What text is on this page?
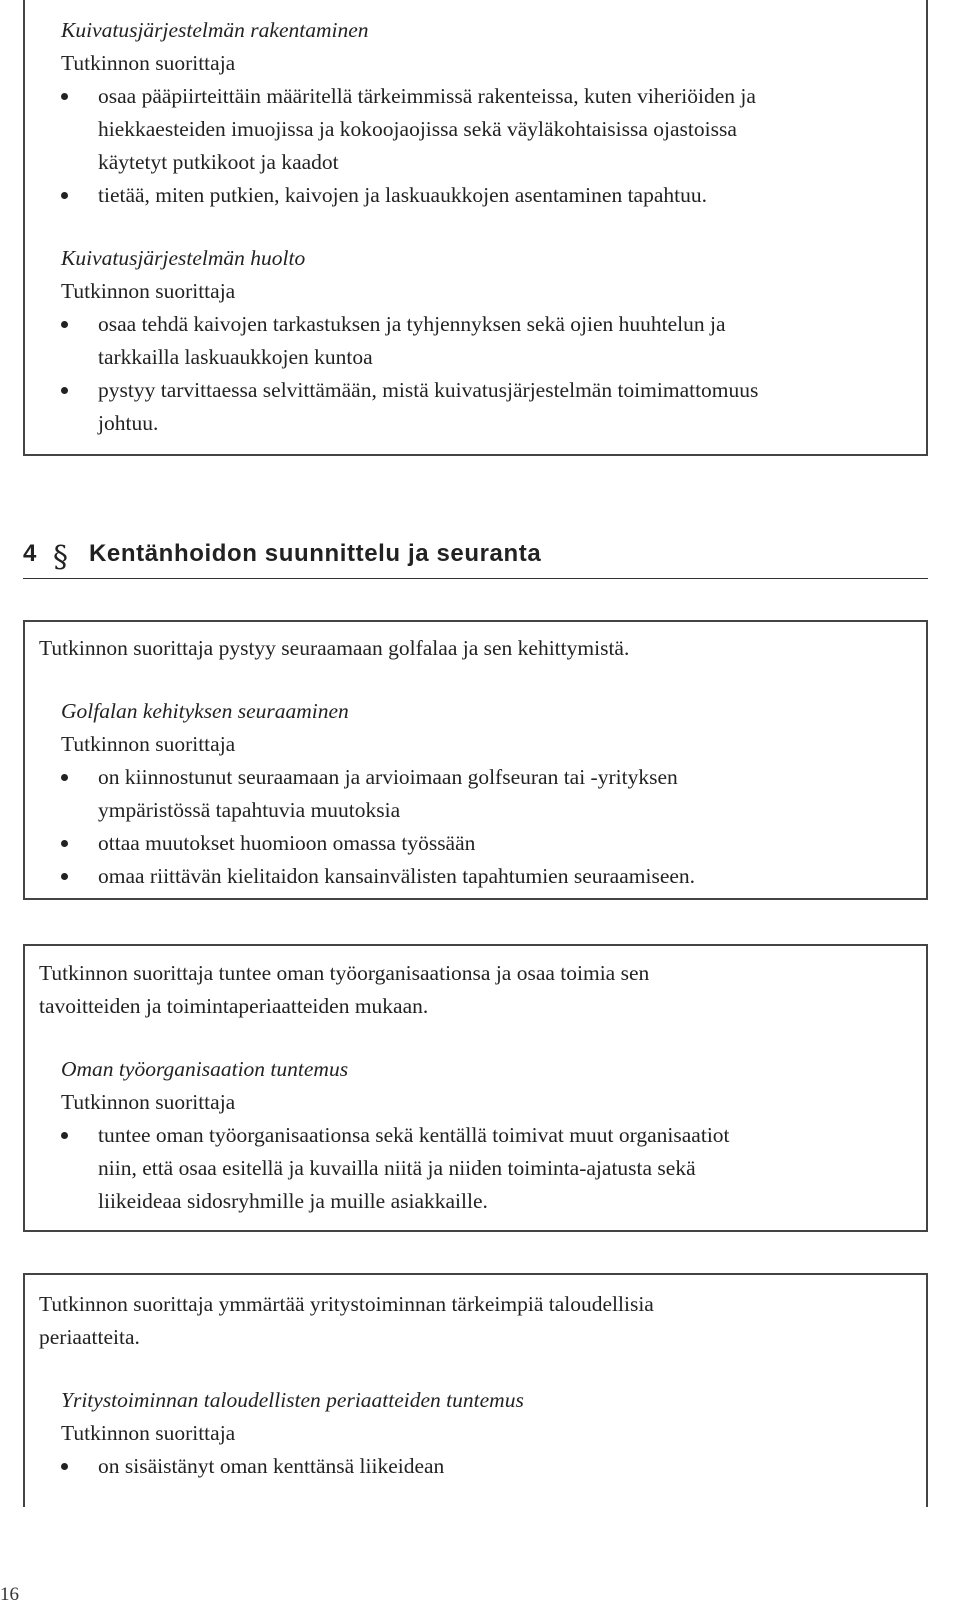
Kuivatusjärjestelmän rakentaminen
Tutkinnon suorittaja
osaa pääpiirteittäin määritellä tärkeimmissä rakenteissa, kuten viheriöiden ja
hiekkaesteiden imuojissa ja kokoojaojissa sekä väyläkohtaisissa ojastoissa
käytetyt putkikoot ja kaadot
tietää, miten putkien, kaivojen ja laskuaukkojen asentaminen tapahtuu.
Kuivatusjärjestelmän huolto
Tutkinnon suorittaja
osaa tehdä kaivojen tarkastuksen ja tyhjennyksen sekä ojien huuhtelun ja
tarkkailla laskuaukkojen kuntoa
pystyy tarvittaessa selvittämään, mistä kuivatusjärjestelmän toimimattomuus
johtuu.
4 § Kentänhoidon suunnittelu ja seuranta
Tutkinnon suorittaja pystyy seuraamaan golfalaa ja sen kehittymistä.
Golfalan kehityksen seuraaminen
Tutkinnon suorittaja
on kiinnostunut seuraamaan ja arvioimaan golfseuran tai -yrityksen
ympäristössä tapahtuvia muutoksia
ottaa muutokset huomioon omassa työssään
omaa riittävän kielitaidon kansainvälisten tapahtumien seuraamiseen.
Tutkinnon suorittaja tuntee oman työorganisaationsa ja osaa toimia sen
tavoitteiden ja toimintaperiaatteiden mukaan.
Oman työorganisaation tuntemus
Tutkinnon suorittaja
tuntee oman työorganisaationsa sekä kentällä toimivat muut organisaatiot
niin, että osaa esitellä ja kuvailla niitä ja niiden toiminta-ajatusta sekä
liikeideaa sidosryhmille ja muille asiakkaille.
Tutkinnon suorittaja ymmärtää yritystoiminnan tärkeimpiä taloudellisia
periaatteita.
Yritystoiminnan taloudellisten periaatteiden tuntemus
Tutkinnon suorittaja
on sisäistänyt oman kenttänsä liikeidean
16
